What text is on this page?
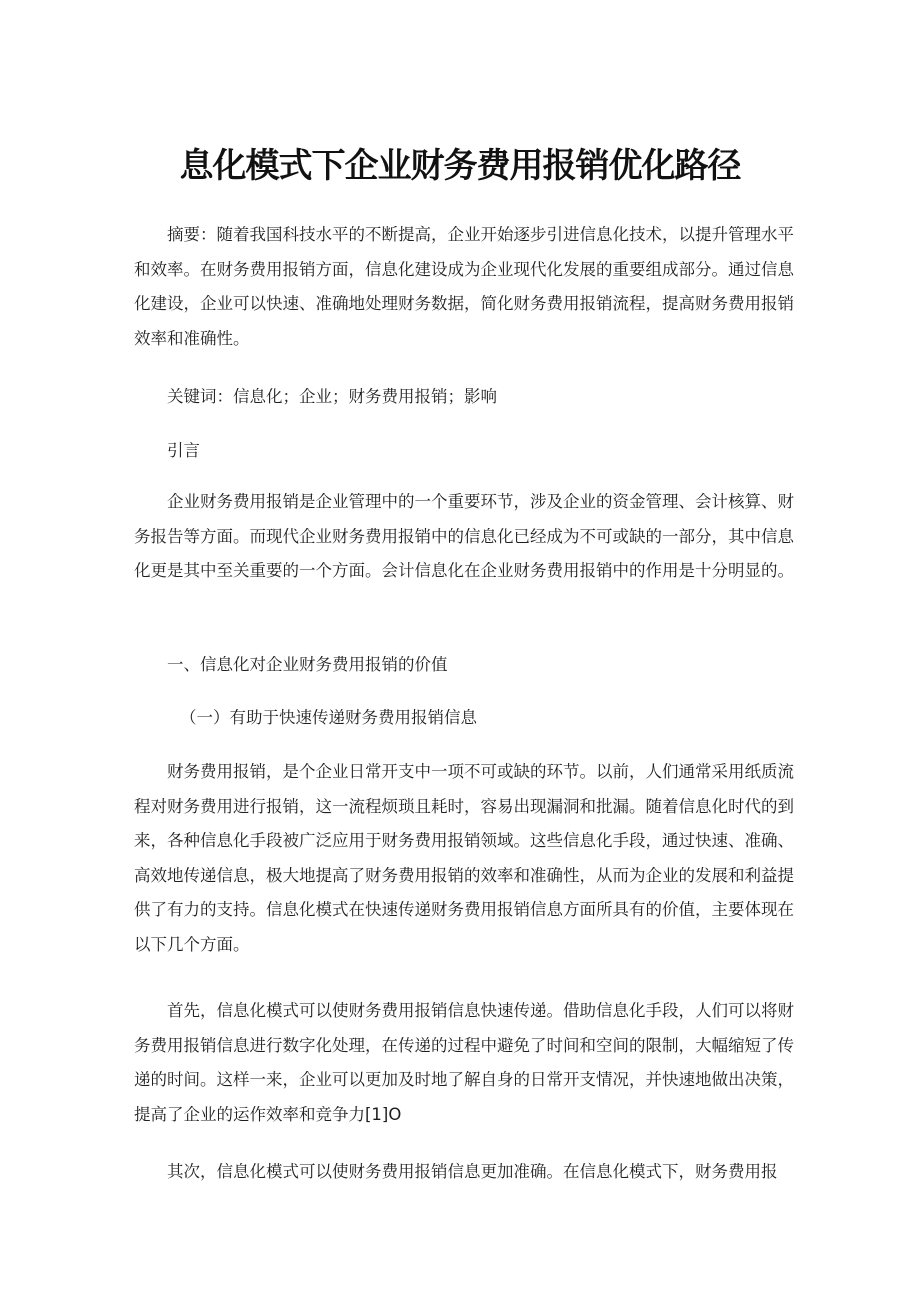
息化模式下企业财务费用报销优化路径

摘要：随着我国科技水平的不断提高，企业开始逐步引进信息化技术，以提升管理水平和效率。在财务费用报销方面，信息化建设成为企业现代化发展的重要组成部分。通过信息化建设，企业可以快速、准确地处理财务数据，简化财务费用报销流程，提高财务费用报销效率和准确性。

关键词：信息化；企业；财务费用报销；影响

引言

企业财务费用报销是企业管理中的一个重要环节，涉及企业的资金管理、会计核算、财务报告等方面。而现代企业财务费用报销中的信息化已经成为不可或缺的一部分，其中信息化更是其中至关重要的一个方面。会计信息化在企业财务费用报销中的作用是十分明显的。

一、信息化对企业财务费用报销的价值

（一）有助于快速传递财务费用报销信息

财务费用报销，是个企业日常开支中一项不可或缺的环节。以前，人们通常采用纸质流程对财务费用进行报销，这一流程烦琐且耗时，容易出现漏洞和批漏。随着信息化时代的到来，各种信息化手段被广泛应用于财务费用报销领域。这些信息化手段，通过快速、准确、高效地传递信息，极大地提高了财务费用报销的效率和准确性，从而为企业的发展和利益提供了有力的支持。信息化模式在快速传递财务费用报销信息方面所具有的价值，主要体现在以下几个方面。

首先，信息化模式可以使财务费用报销信息快速传递。借助信息化手段，人们可以将财务费用报销信息进行数字化处理，在传递的过程中避免了时间和空间的限制，大幅缩短了传递的时间。这样一来，企业可以更加及时地了解自身的日常开支情况，并快速地做出决策，提高了企业的运作效率和竞争力[1]O

其次，信息化模式可以使财务费用报销信息更加准确。在信息化模式下，财务费用报
